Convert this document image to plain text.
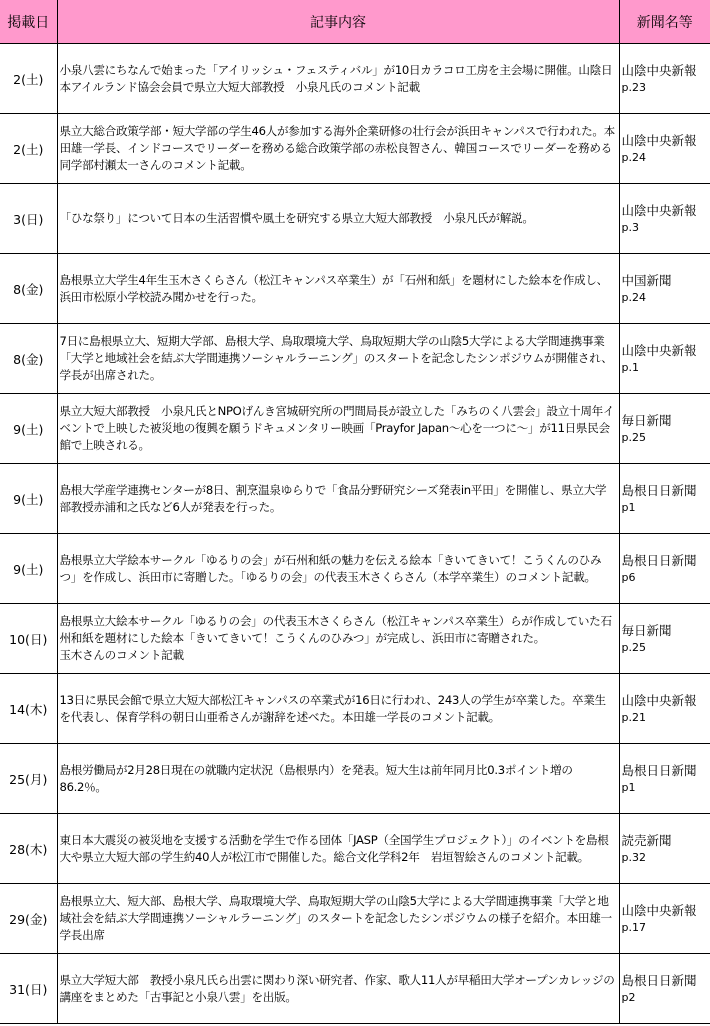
掲載日	記事内容	新聞名等
2(土)	小泉八雲にちなんで始まった「アイリッシュ・フェスティバル」が10日カラコロ工房を主会場に開催。山陰日本アイルランド協会会員で県立大短大部教授　小泉凡氏のコメント記載	山陰中央新報
p.23

2(土)	県立大総合政策学部・短大学部の学生46人が参加する海外企業研修の壮行会が浜田キャンパスで行われた。本田雄一学長、インドコースでリーダーを務める総合政策学部の赤松良智さん、韓国コースでリーダーを務める同学部村瀬太一さんのコメント記載。	山陰中央新報
p.24

3(日)	「ひな祭り」について日本の生活習慣や風土を研究する県立大短大部教授　小泉凡氏が解説。	山陰中央新報
p.3

8(金)	島根県立大学生4年生玉木さくらさん（松江キャンパス卒業生）が「石州和紙」を題材にした絵本を作成し、浜田市松原小学校読み聞かせを行った。	中国新聞
p.24

8(金)	7日に島根県立大、短期大学部、島根大学、鳥取環境大学、鳥取短期大学の山陰5大学による大学間連携事業「大学と地域社会を結ぶ大学間連携ソーシャルラーニング」のスタートを記念したシンポジウムが開催され、学長が出席された。	山陰中央新報
p.1

9(土)	県立大短大部教授　小泉凡氏とNPOげんき宮城研究所の門間局長が設立した「みちのく八雲会」設立十周年イベントで上映した被災地の復興を願うドキュメンタリー映画「Prayfor Japan～心を一つに～」が11日県民会館で上映される。	毎日新聞
p.25

9(土)	島根大学産学連携センターが8日、割烹温泉ゆらりで「食品分野研究シーズ発表in平田」を開催し、県立大学部教授赤浦和之氏など6人が発表を行った。	島根日日新聞
p1

9(土)	島根県立大学絵本サークル「ゆるりの会」が石州和紙の魅力を伝える絵本「きいてきいて！こうくんのひみつ」を作成し、浜田市に寄贈した。「ゆるりの会」の代表玉木さくらさん（本学卒業生）のコメント記載。	島根日日新聞
p6

10(日)	島根県立大絵本サークル「ゆるりの会」の代表玉木さくらさん（松江キャンパス卒業生）らが作成していた石州和紙を題材にした絵本「きいてきいて！こうくんのひみつ」が完成し、浜田市に寄贈された。
玉木さんのコメント記載	毎日新聞
p.25

14(木)	13日に県民会館で県立大短大部松江キャンパスの卒業式が16日に行われ、243人の学生が卒業した。卒業生を代表し、保育学科の朝日山亜希さんが謝辞を述べた。本田雄一学長のコメント記載。	山陰中央新報
p.21

25(月)	島根労働局が2月28日現在の就職内定状況（島根県内）を発表。短大生は前年同月比0.3ポイント増の86.2％。	島根日日新聞
p1

28(木)	東日本大震災の被災地を支援する活動を学生で作る団体「JASP（全国学生プロジェクト）」のイベントを島根大や県立大短大部の学生約40人が松江市で開催した。総合文化学科2年　岩垣智絵さんのコメント記載。	読売新聞
p.32

29(金)	島根県立大、短大部、島根大学、鳥取環境大学、鳥取短期大学の山陰5大学による大学間連携事業「大学と地域社会を結ぶ大学間連携ソーシャルラーニング」のスタートを記念したシンポジウムの様子を紹介。本田雄一学長出席	山陰中央新報
p.17

31(日)	県立大学短大部　教授小泉凡氏ら出雲に関わり深い研究者、作家、歌人11人が早稲田大学オープンカレッジの講座をまとめた「古事記と小泉八雲」を出版。	島根日日新聞
p2
